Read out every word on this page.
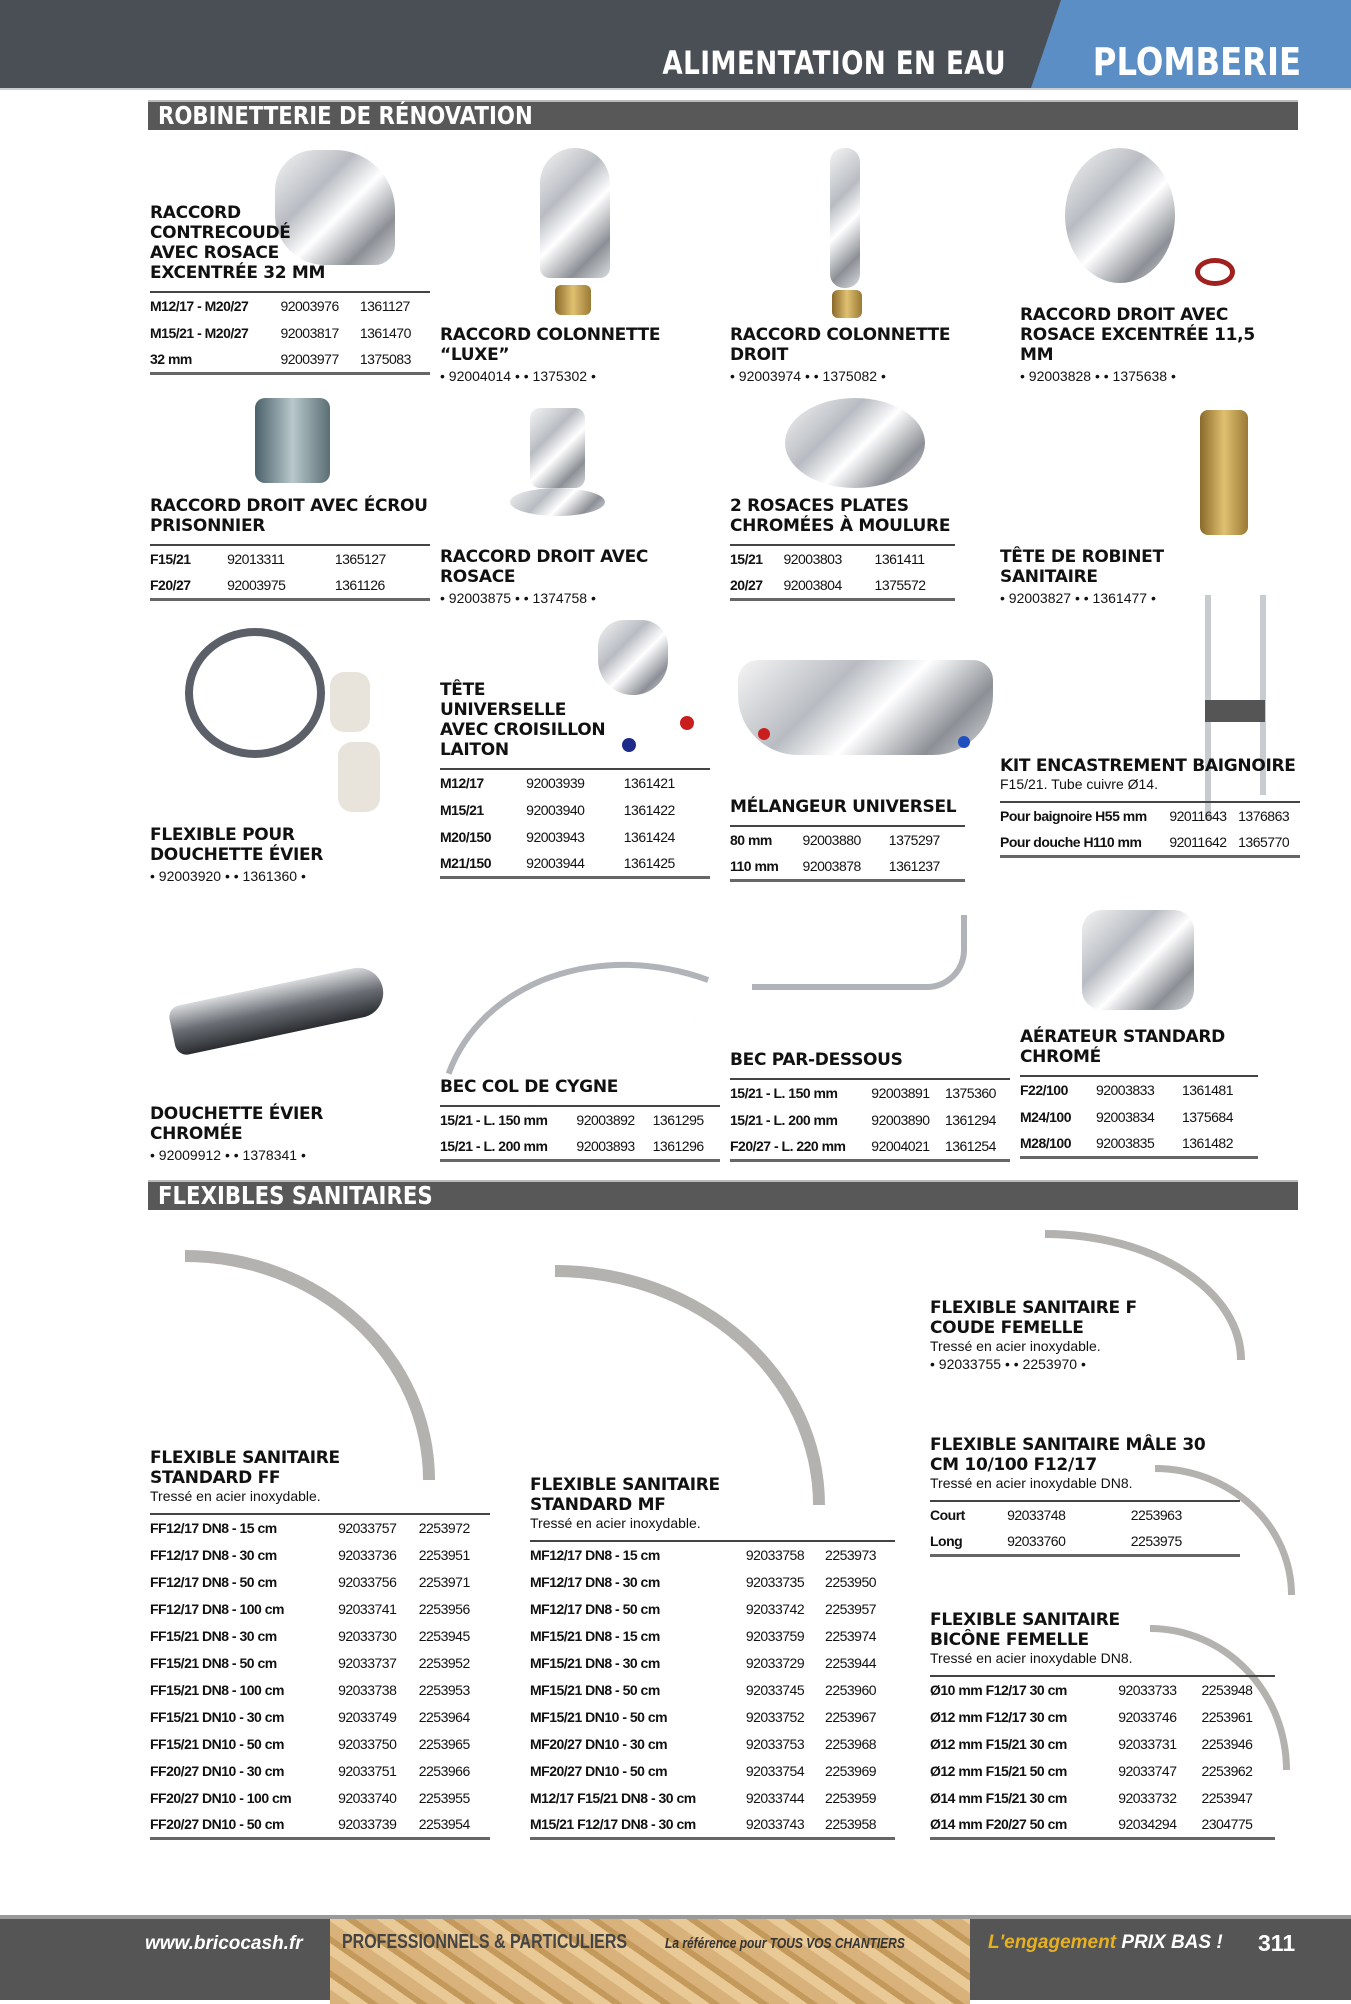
ALIMENTATION EN EAU PLOMBERIE
ROBINETTERIE DE RÉNOVATION
RACCORD CONTRECOUDÉ AVEC ROSACE EXCENTRÉE 32 MM
M12/17 - M20/27	92003976	1361127
M15/21 - M20/27	92003817	1361470
32 mm	92003977	1375083
RACCORD COLONNETTE “LUXE”
• 92004014 • • 1375302 •
RACCORD COLONNETTE DROIT
• 92003974 • • 1375082 •
RACCORD DROIT AVEC ROSACE EXCENTRÉE 11,5 MM
• 92003828 • • 1375638 •
RACCORD DROIT AVEC ÉCROU PRISONNIER
F15/21	92013311	1365127
F20/27	92003975	1361126
RACCORD DROIT AVEC ROSACE
• 92003875 • • 1374758 •
2 ROSACES PLATES CHROMÉES À MOULURE
15/21	92003803	1361411
20/27	92003804	1375572
TÊTE DE ROBINET SANITAIRE
• 92003827 • • 1361477 •
FLEXIBLE POUR DOUCHETTE ÉVIER
• 92003920 • • 1361360 •
TÊTE UNIVERSELLE AVEC CROISILLON LAITON
M12/17	92003939	1361421
M15/21	92003940	1361422
M20/150	92003943	1361424
M21/150	92003944	1361425
MÉLANGEUR UNIVERSEL
80 mm	92003880	1375297
110 mm	92003878	1361237
KIT ENCASTREMENT BAIGNOIRE
F15/21. Tube cuivre Ø14.
Pour baignoire H55 mm	92011643	1376863
Pour douche H110 mm	92011642	1365770
DOUCHETTE ÉVIER CHROMÉE
• 92009912 • • 1378341 •
BEC COL DE CYGNE
15/21 - L. 150 mm	92003892	1361295
15/21 - L. 200 mm	92003893	1361296
BEC PAR-DESSOUS
15/21 - L. 150 mm	92003891	1375360
15/21 - L. 200 mm	92003890	1361294
F20/27 - L. 220 mm	92004021	1361254
AÉRATEUR STANDARD CHROMÉ
F22/100	92003833	1361481
M24/100	92003834	1375684
M28/100	92003835	1361482
FLEXIBLES SANITAIRES
FLEXIBLE SANITAIRE STANDARD FF
Tressé en acier inoxydable.
FF12/17 DN8 - 15 cm	92033757	2253972
FF12/17 DN8 - 30 cm	92033736	2253951
FF12/17 DN8 - 50 cm	92033756	2253971
FF12/17 DN8 - 100 cm	92033741	2253956
FF15/21 DN8 - 30 cm	92033730	2253945
FF15/21 DN8 - 50 cm	92033737	2253952
FF15/21 DN8 - 100 cm	92033738	2253953
FF15/21 DN10 - 30 cm	92033749	2253964
FF15/21 DN10 - 50 cm	92033750	2253965
FF20/27 DN10 - 30 cm	92033751	2253966
FF20/27 DN10 - 100 cm	92033740	2253955
FF20/27 DN10 - 50 cm	92033739	2253954
FLEXIBLE SANITAIRE STANDARD MF
Tressé en acier inoxydable.
MF12/17 DN8 - 15 cm	92033758	2253973
MF12/17 DN8 - 30 cm	92033735	2253950
MF12/17 DN8 - 50 cm	92033742	2253957
MF15/21 DN8 - 15 cm	92033759	2253974
MF15/21 DN8 - 30 cm	92033729	2253944
MF15/21 DN8 - 50 cm	92033745	2253960
MF15/21 DN10 - 50 cm	92033752	2253967
MF20/27 DN10 - 30 cm	92033753	2253968
MF20/27 DN10 - 50 cm	92033754	2253969
M12/17 F15/21 DN8 - 30 cm	92033744	2253959
M15/21 F12/17 DN8 - 30 cm	92033743	2253958
FLEXIBLE SANITAIRE F COUDE FEMELLE
Tressé en acier inoxydable.
• 92033755 • • 2253970 •
FLEXIBLE SANITAIRE MÂLE 30 CM 10/100 F12/17
Tressé en acier inoxydable DN8.
Court	92033748	2253963
Long	92033760	2253975
FLEXIBLE SANITAIRE BICÔNE FEMELLE
Tressé en acier inoxydable DN8.
Ø10 mm F12/17 30 cm	92033733	2253948
Ø12 mm F12/17 30 cm	92033746	2253961
Ø12 mm F15/21 30 cm	92033731	2253946
Ø12 mm F15/21 50 cm	92033747	2253962
Ø14 mm F15/21 30 cm	92033732	2253947
Ø14 mm F20/27 50 cm	92034294	2304775
www.bricocash.fr PROFESSIONNELS & PARTICULIERS	La référence pour TOUS VOS CHANTIERS	L'engagement PRIX BAS ! 311
